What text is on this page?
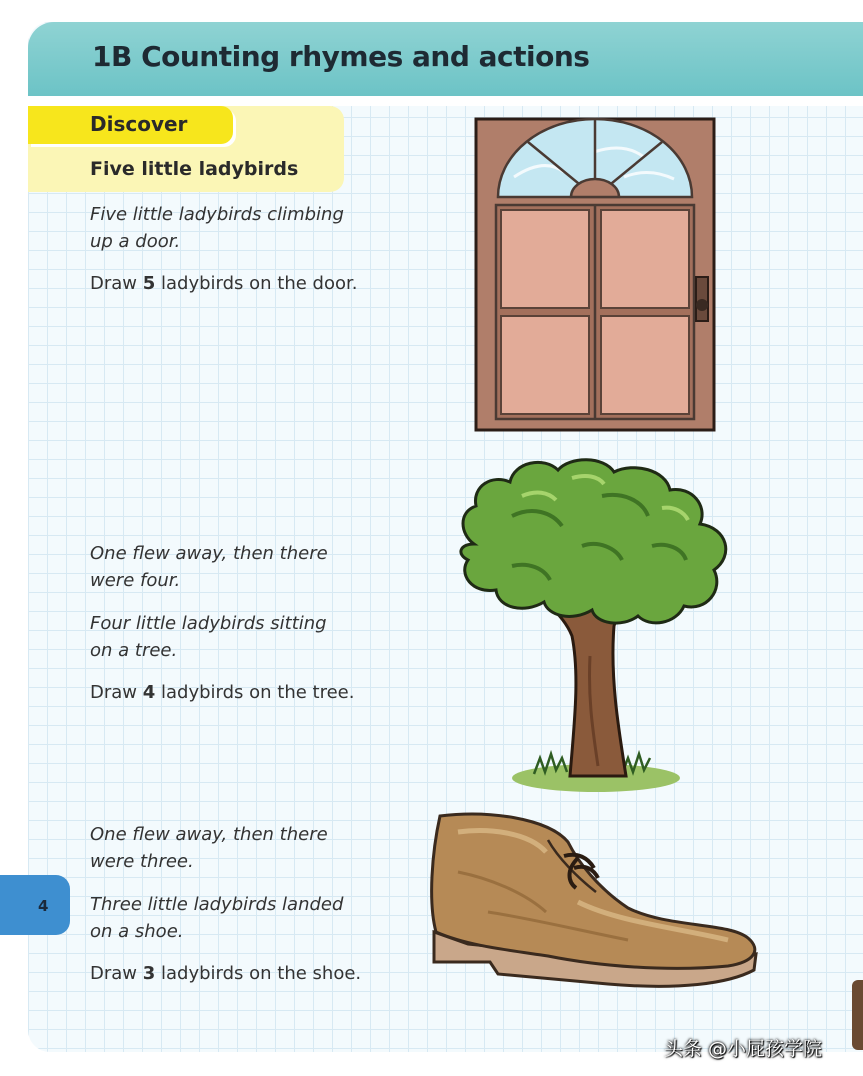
1B Counting rhymes and actions
Discover
Five little ladybirds
Five little ladybirds climbing
up a door.
Draw 5 ladybirds on the door.
One flew away, then there
were four.
Four little ladybirds sitting
on a tree.
Draw 4 ladybirds on the tree.
One flew away, then there
were three.
Three little ladybirds landed
on a shoe.
Draw 3 ladybirds on the shoe.
4
头条 @小屁孩学院
